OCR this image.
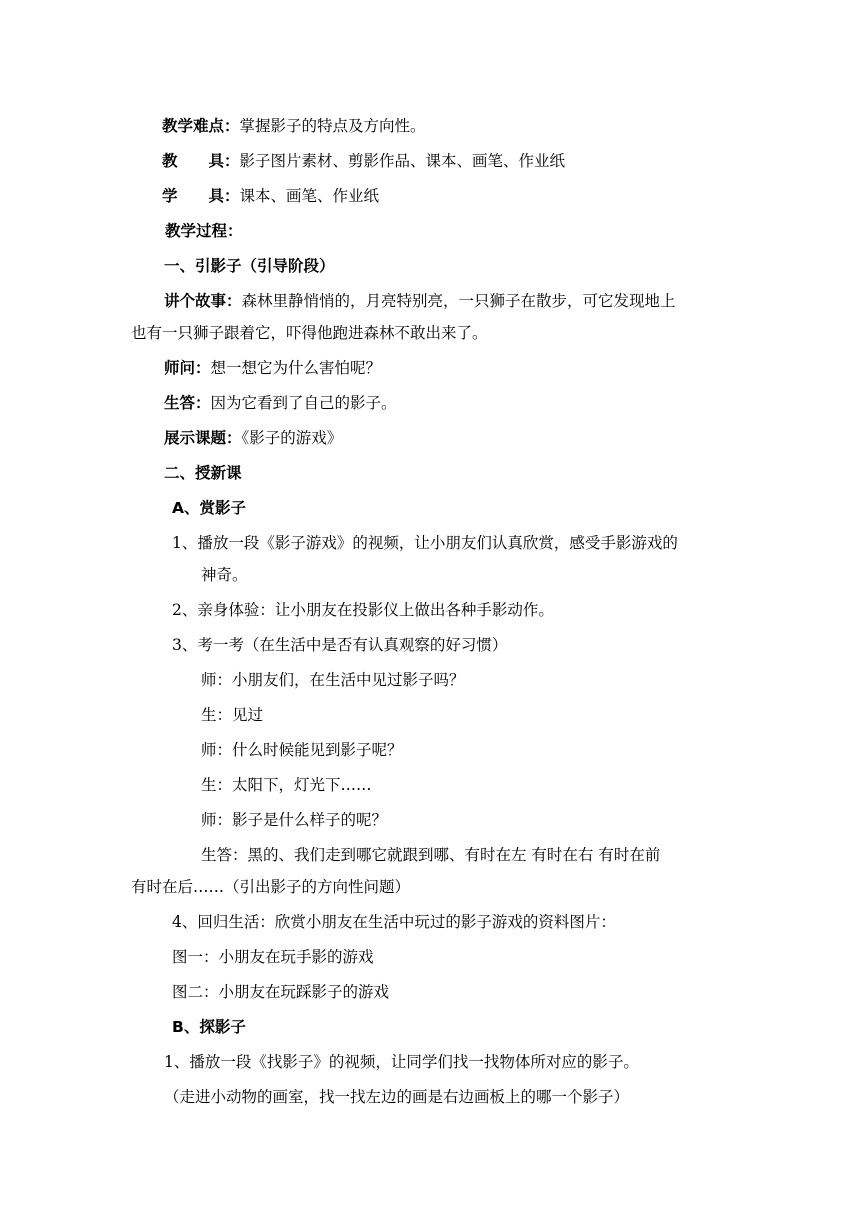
教学难点：掌握影子的特点及方向性。
教　　具：影子图片素材、剪影作品、课本、画笔、作业纸
学　　具：课本、画笔、作业纸
教学过程：
一、引影子（引导阶段）
讲个故事：森林里静悄悄的，月亮特别亮，一只狮子在散步，可它发现地上
也有一只狮子跟着它，吓得他跑进森林不敢出来了。
师问：想一想它为什么害怕呢？
生答：因为它看到了自己的影子。
展示课题：《影子的游戏》
二、授新课
A、赏影子
1、播放一段《影子游戏》的视频，让小朋友们认真欣赏，感受手影游戏的
神奇。
2、亲身体验：让小朋友在投影仪上做出各种手影动作。
3、考一考（在生活中是否有认真观察的好习惯）
师：小朋友们，在生活中见过影子吗？
生：见过
师：什么时候能见到影子呢？
生：太阳下，灯光下……
师：影子是什么样子的呢？
生答：黑的、我们走到哪它就跟到哪、有时在左 有时在右 有时在前
有时在后……（引出影子的方向性问题）
4、回归生活：欣赏小朋友在生活中玩过的影子游戏的资料图片：
图一：小朋友在玩手影的游戏
图二：小朋友在玩踩影子的游戏
B、探影子
1、播放一段《找影子》的视频，让同学们找一找物体所对应的影子。
（走进小动物的画室，找一找左边的画是右边画板上的哪一个影子）
